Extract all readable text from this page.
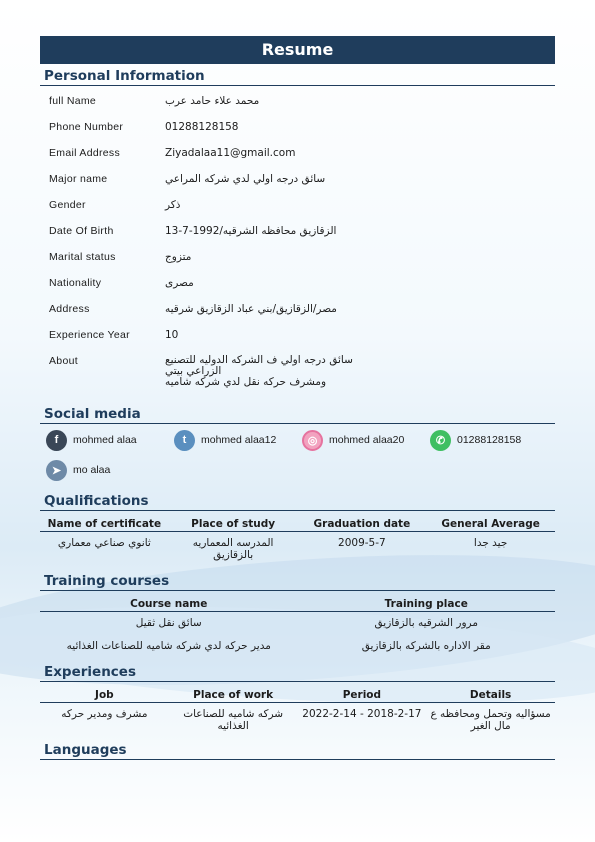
Resume
Personal Information
full Name	محمد علاء حامد عرب
Phone Number	01288128158
Email Address	Ziyadalaa11@gmail.com
Major name	سائق درجه اولي لدي شركه المراعي
Gender	ذكر
Date Of Birth	الزقازيق محافظه الشرقيه/1992-7-13
Marital status	متزوج
Nationality	مصرى
Address	مصر/الزقازيق/بني عباد الزقازيق شرقيه
Experience Year	10
About	سائق درجه اولي ف الشركه الدوليه للتصنيع
الزراعي بيتي
ومشرف حركه نقل لدي شركه شاميه
Social media
f	mohmed alaa	t	mohmed alaa12	◎	mohmed alaa20	✆	01288128158
➤	mo alaa
Qualifications
Name of certificate	Place of study	Graduation date	General Average
ثانوي صناعي معماري	المدرسه المعماريه بالزقازيق	2009-5-7	جيد جدا
Training courses
Course name	Training place
سائق نقل ثقيل	مرور الشرقيه بالزقازيق
مدير حركه لدي شركه شاميه للصناعات الغذائيه	مقر الاداره بالشركه بالزقازيق
Experiences
Job	Place of work	Period	Details
مشرف ومدير حركه	شركه شاميه للصناعات الغذائيه	2018-2-17 - 2022-2-14	مسؤاليه وتحمل ومحافظه ع مال الغير
Languages
